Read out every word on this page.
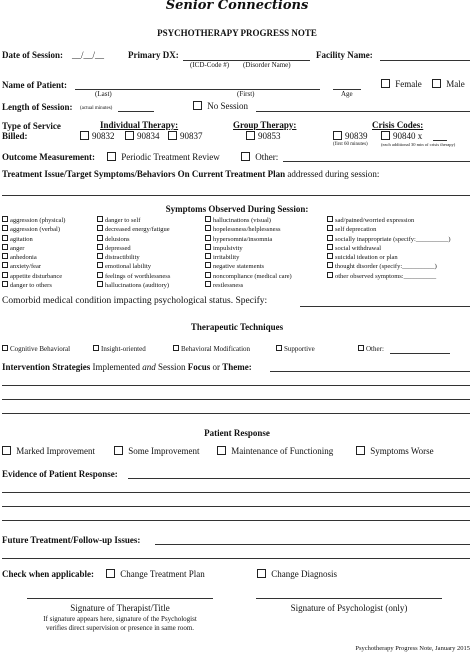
Senior Connections
PSYCHOTHERAPY PROGRESS NOTE
Date of Session: __/__/__	Primary DX:
(ICD-Code #) (Disorder Name)
Facility Name:
Name of Patient:
(Last)	(First)	Age
Female	Male
Length of Session: (actual minutes)	No Session
Type of Service
Billed:
Individual Therapy:
90832	90834	90837
Group Therapy:
90853
Crisis Codes:
90839
(first 60 minutes)
90840 x
(each additional 30 min of crisis therapy)
Outcome Measurement:	Periodic Treatment Review	Other:
Treatment Issue/Target Symptoms/Behaviors On Current Treatment Plan addressed during session:
Symptoms Observed During Session:
aggression (physical)
aggression (verbal)
agitation
anger
anhedonia
anxiety/fear
appetite disturbance
danger to others
danger to self
decreased energy/fatigue
delusions
depressed
distractibility
emotional lability
feelings of worthlessness
hallucinations (auditory)
hallucinations (visual)
hopelessness/helplessness
hypersomnia/insomnia
impulsivity
irritability
negative statements
noncompliance (medical care)
restlessness
sad/pained/worried expression
self deprecation
socially inappropriate (specify:__________)
social withdrawal
suicidal ideation or plan
thought disorder (specify:__________)
other observed symptoms:__________
Comorbid medical condition impacting psychological status. Specify:
Therapeutic Techniques
Cognitive Behavioral	Insight-oriented	Behavioral Modification	Supportive	Other:
Intervention Strategies Implemented and Session Focus or Theme:
Patient Response
Marked Improvement	Some Improvement	Maintenance of Functioning	Symptoms Worse
Evidence of Patient Response:
Future Treatment/Follow-up Issues:
Check when applicable:	Change Treatment Plan	Change Diagnosis
Signature of Therapist/Title	Signature of Psychologist (only)
If signature appears here, signature of the Psychologist
verifies direct supervision or presence in same room.
Psychotherapy Progress Note, January 2015
